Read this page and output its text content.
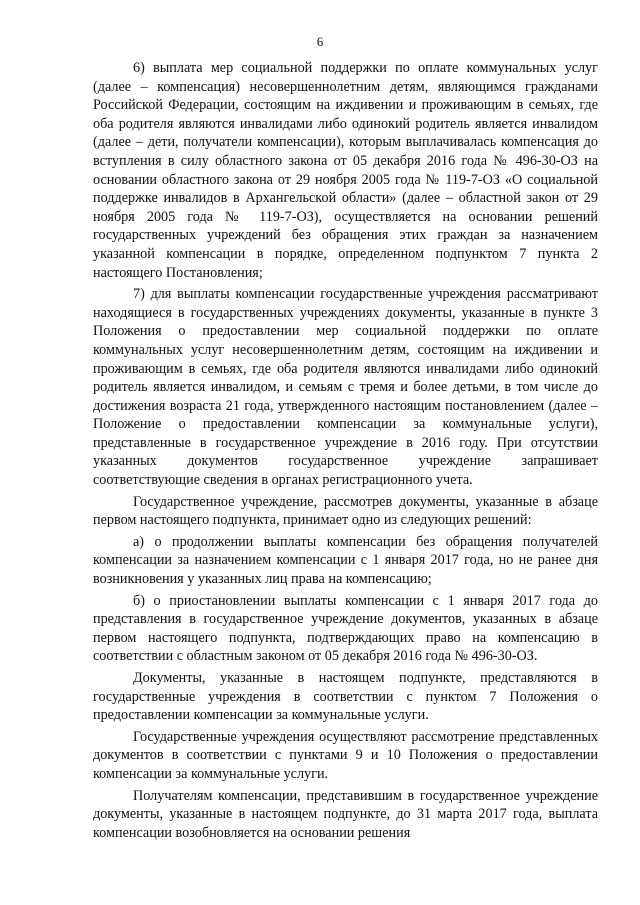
6

6) выплата мер социальной поддержки по оплате коммунальных услуг (далее – компенсация) несовершеннолетним детям, являющимся гражданами Российской Федерации, состоящим на иждивении и проживающим в семьях, где оба родителя являются инвалидами либо одинокий родитель является инвалидом (далее – дети, получатели компенсации), которым выплачивалась компенсация до вступления в силу областного закона от 05 декабря 2016 года № 496-30-ОЗ на основании областного закона от 29 ноября 2005 года № 119-7-ОЗ «О социальной поддержке инвалидов в Архангельской области» (далее – областной закон от 29 ноября 2005 года № 119-7-ОЗ), осуществляется на основании решений государственных учреждений без обращения этих граждан за назначением указанной компенсации в порядке, определенном подпунктом 7 пункта 2 настоящего Постановления;

7) для выплаты компенсации государственные учреждения рассматривают находящиеся в государственных учреждениях документы, указанные в пункте 3 Положения о предоставлении мер социальной поддержки по оплате коммунальных услуг несовершеннолетним детям, состоящим на иждивении и проживающим в семьях, где оба родителя являются инвалидами либо одинокий родитель является инвалидом, и семьям с тремя и более детьми, в том числе до достижения возраста 21 года, утвержденного настоящим постановлением (далее – Положение о предоставлении компенсации за коммунальные услуги), представленные в государственное учреждение в 2016 году. При отсутствии указанных документов государственное учреждение запрашивает соответствующие сведения в органах регистрационного учета.

Государственное учреждение, рассмотрев документы, указанные в абзаце первом настоящего подпункта, принимает одно из следующих решений:

а) о продолжении выплаты компенсации без обращения получателей компенсации за назначением компенсации с 1 января 2017 года, но не ранее дня возникновения у указанных лиц права на компенсацию;

б) о приостановлении выплаты компенсации с 1 января 2017 года до представления в государственное учреждение документов, указанных в абзаце первом настоящего подпункта, подтверждающих право на компенсацию в соответствии с областным законом от 05 декабря 2016 года № 496-30-ОЗ.

Документы, указанные в настоящем подпункте, представляются в государственные учреждения в соответствии с пунктом 7 Положения о предоставлении компенсации за коммунальные услуги.

Государственные учреждения осуществляют рассмотрение представленных документов в соответствии с пунктами 9 и 10 Положения о предоставлении компенсации за коммунальные услуги.

Получателям компенсации, представившим в государственное учреждение документы, указанные в настоящем подпункте, до 31 марта 2017 года, выплата компенсации возобновляется на основании решения
